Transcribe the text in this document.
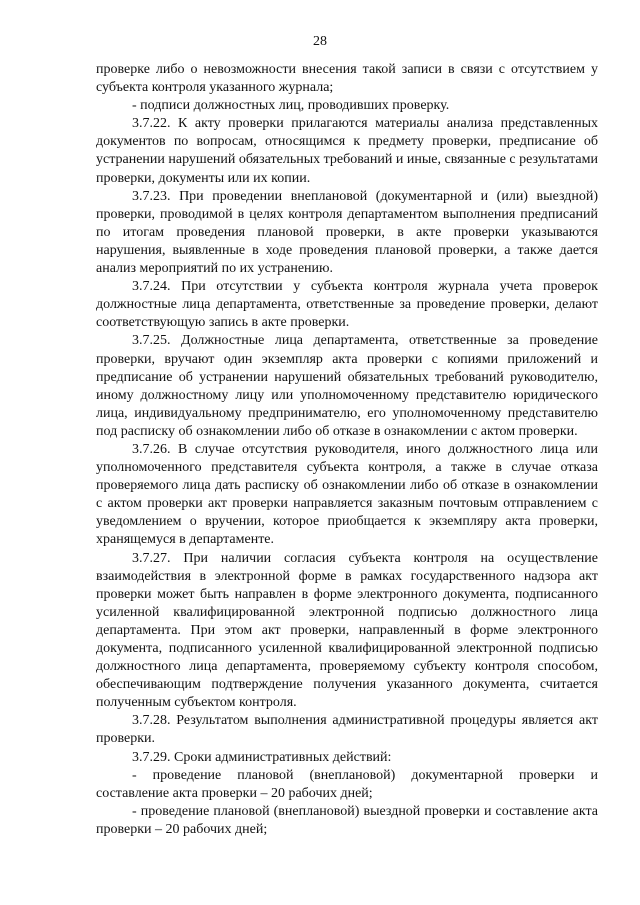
28

проверке либо о невозможности внесения такой записи в связи с отсутствием у субъекта контроля указанного журнала;

- подписи должностных лиц, проводивших проверку.

3.7.22. К акту проверки прилагаются материалы анализа представленных документов по вопросам, относящимся к предмету проверки, предписание об устранении нарушений обязательных требований и иные, связанные с результатами проверки, документы или их копии.

3.7.23. При проведении внеплановой (документарной и (или) выездной) проверки, проводимой в целях контроля департаментом выполнения предписаний по итогам проведения плановой проверки, в акте проверки указываются нарушения, выявленные в ходе проведения плановой проверки, а также дается анализ мероприятий по их устранению.

3.7.24. При отсутствии у субъекта контроля журнала учета проверок должностные лица департамента, ответственные за проведение проверки, делают соответствующую запись в акте проверки.

3.7.25. Должностные лица департамента, ответственные за проведение проверки, вручают один экземпляр акта проверки с копиями приложений и предписание об устранении нарушений обязательных требований руководителю, иному должностному лицу или уполномоченному представителю юридического лица, индивидуальному предпринимателю, его уполномоченному представителю под расписку об ознакомлении либо об отказе в ознакомлении с актом проверки.

3.7.26. В случае отсутствия руководителя, иного должностного лица или уполномоченного представителя субъекта контроля, а также в случае отказа проверяемого лица дать расписку об ознакомлении либо об отказе в ознакомлении с актом проверки акт проверки направляется заказным почтовым отправлением с уведомлением о вручении, которое приобщается к экземпляру акта проверки, хранящемуся в департаменте.

3.7.27. При наличии согласия субъекта контроля на осуществление взаимодействия в электронной форме в рамках государственного надзора акт проверки может быть направлен в форме электронного документа, подписанного усиленной квалифицированной электронной подписью должностного лица департамента. При этом акт проверки, направленный в форме электронного документа, подписанного усиленной квалифицированной электронной подписью должностного лица департамента, проверяемому субъекту контроля способом, обеспечивающим подтверждение получения указанного документа, считается полученным субъектом контроля.

3.7.28. Результатом выполнения административной процедуры является акт проверки.

3.7.29. Сроки административных действий:

- проведение плановой (внеплановой) документарной проверки и составление акта проверки – 20 рабочих дней;

- проведение плановой (внеплановой) выездной проверки и составление акта проверки – 20 рабочих дней;
